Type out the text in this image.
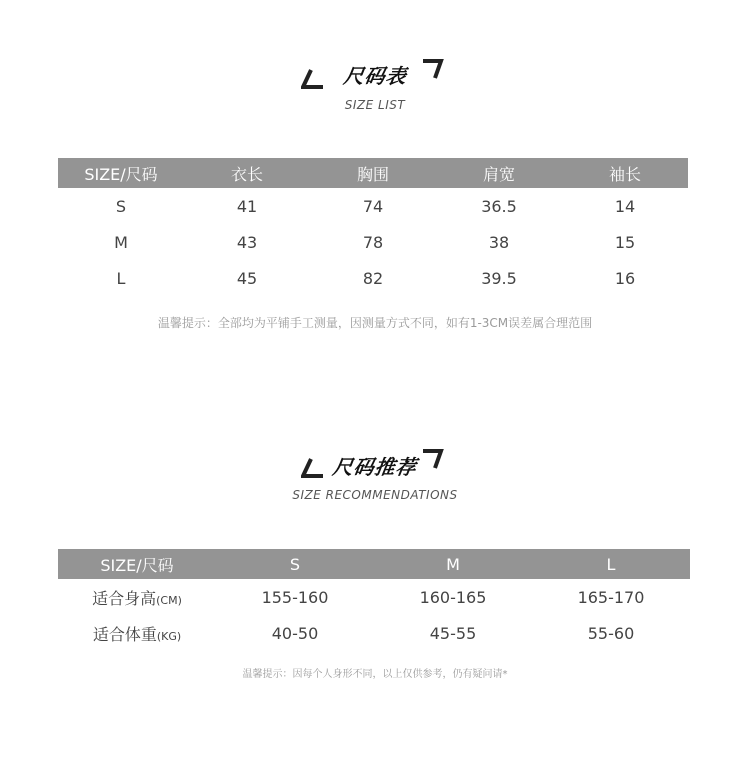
尺码表
SIZE LIST
SIZE/尺码	衣长	胸围	肩宽	袖长
S	41	74	36.5	14
M	43	78	38	15
L	45	82	39.5	16
温馨提示：全部均为平铺手工测量，因测量方式不同，如有1-3CM误差属合理范围
尺码推荐
SIZE RECOMMENDATIONS
SIZE/尺码	S	M	L
适合身高(CM)	155-160	160-165	165-170
适合体重(KG)	40-50	45-55	55-60
温馨提示：因每个人身形不同，以上仅供参考，仍有疑问请*
